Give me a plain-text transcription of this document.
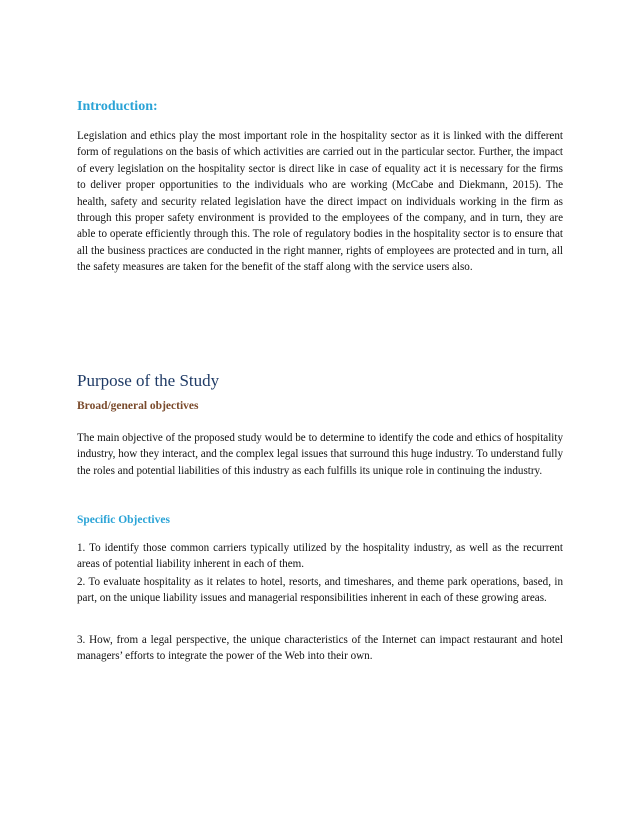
Introduction:

Legislation and ethics play the most important role in the hospitality sector as it is linked with the different form of regulations on the basis of which activities are carried out in the particular sector. Further, the impact of every legislation on the hospitality sector is direct like in case of equality act it is necessary for the firms to deliver proper opportunities to the individuals who are working (McCabe and Diekmann, 2015). The health, safety and security related legislation have the direct impact on individuals working in the firm as through this proper safety environment is provided to the employees of the company, and in turn, they are able to operate efficiently through this. The role of regulatory bodies in the hospitality sector is to ensure that all the business practices are conducted in the right manner, rights of employees are protected and in turn, all the safety measures are taken for the benefit of the staff along with the service users also.

Purpose of the Study
Broad/general objectives

The main objective of the proposed study would be to determine to identify the code and ethics of hospitality industry, how they interact, and the complex legal issues that surround this huge industry. To understand fully the roles and potential liabilities of this industry as each fulfills its unique role in continuing the industry.

Specific Objectives

1. To identify those common carriers typically utilized by the hospitality industry, as well as the recurrent areas of potential liability inherent in each of them.

2. To evaluate hospitality as it relates to hotel, resorts, and timeshares, and theme park operations, based, in part, on the unique liability issues and managerial responsibilities inherent in each of these growing areas.

3. How, from a legal perspective, the unique characteristics of the Internet can impact restaurant and hotel managers’ efforts to integrate the power of the Web into their own.
